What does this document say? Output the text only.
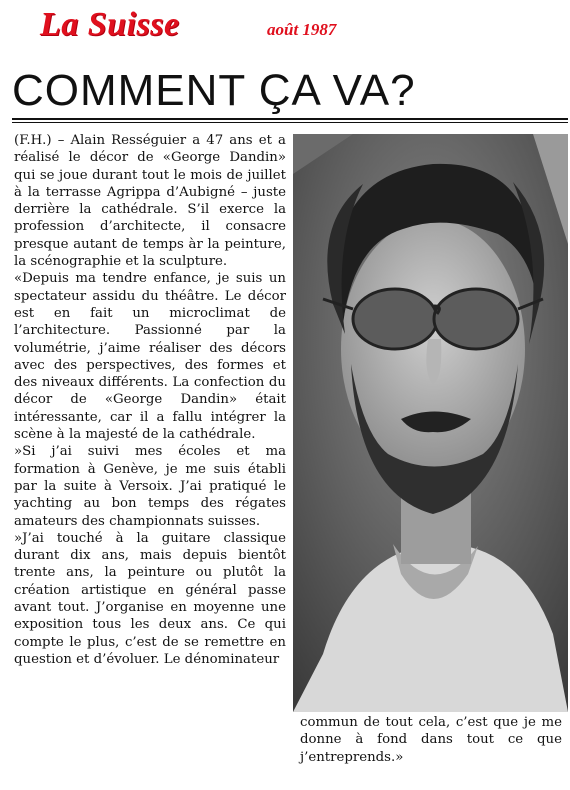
La Suisse	août 1987
COMMENT ÇA VA?

(F.H.) – Alain Rességuier a 47 ans et a réalisé le décor de «George Dandin» qui se joue durant tout le mois de juillet à la terrasse Agrippa d’Aubigné – juste derrière la cathédrale. S’il exerce la profession d’architecte, il consacre presque autant de temps àr la peinture, la scénographie et la sculpture.

«Depuis ma tendre enfance, je suis un spectateur assidu du théâtre. Le décor est en fait un microclimat de l’architecture. Passionné par la volumétrie, j’aime réaliser des décors avec des perspectives, des formes et des niveaux différents. La confection du décor de «George Dandin» était intéressante, car il a fallu intégrer la scène à la majesté de la cathédrale.

»Si j’ai suivi mes écoles et ma formation à Genève, je me suis établi par la suite à Versoix. J’ai pratiqué le yachting au bon temps des régates amateurs des championnats suisses.

»J’ai touché à la guitare classique durant dix ans, mais depuis bientôt trente ans, la peinture ou plutôt la création artistique en général passe avant tout. J’organise en moyenne une exposition tous les deux ans. Ce qui compte le plus, c’est de se remettre en question et d’évoluer. Le dénominateur

commun de tout cela, c’est que je me donne à fond dans tout ce que j’entreprends.»
